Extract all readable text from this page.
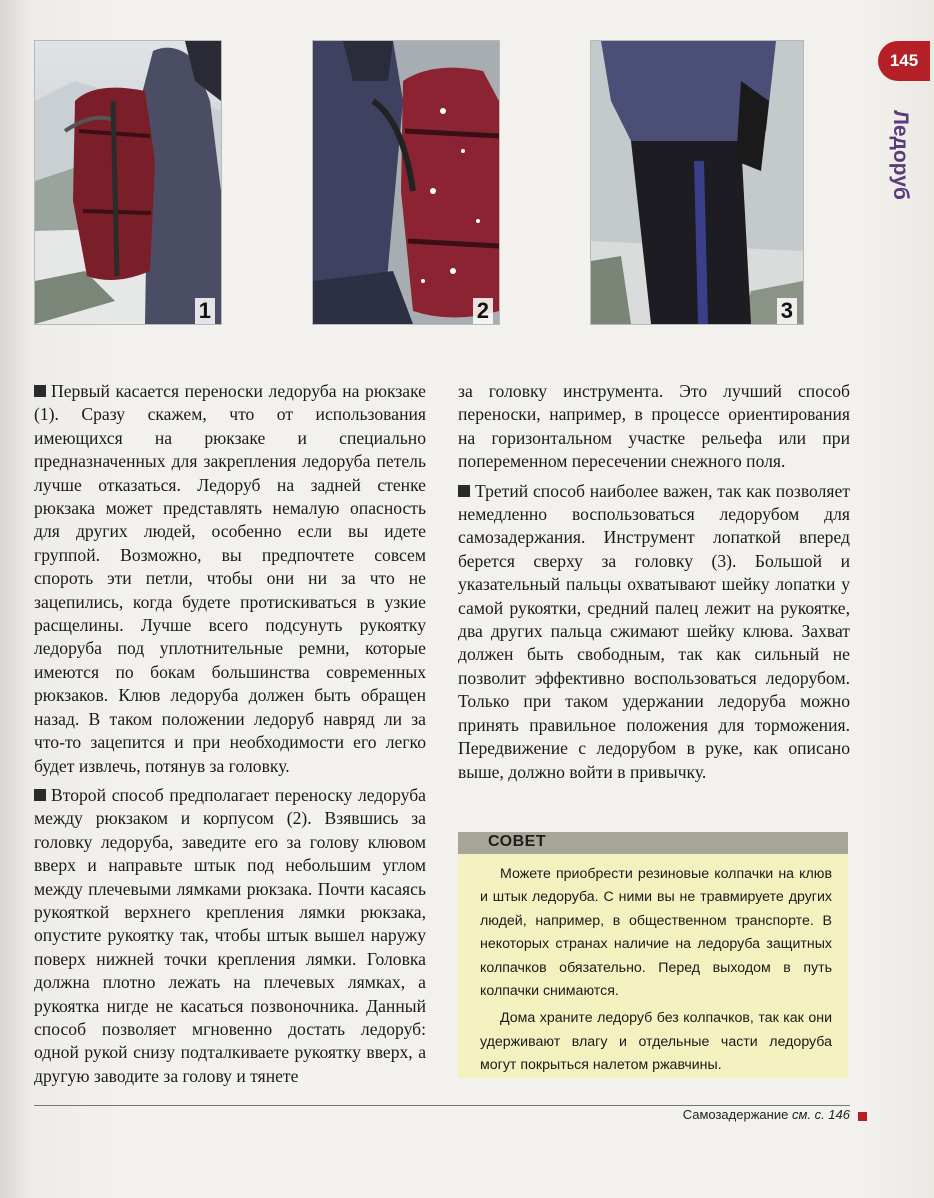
1	2	3
145
Ледоруб

Первый касается переноски ледоруба на рюкзаке (1). Сразу скажем, что от использования имеющихся на рюкзаке и специально предназначенных для закрепления ледоруба петель лучше отказаться. Ледоруб на задней стенке рюкзака может представлять немалую опасность для других людей, особенно если вы идете группой. Возможно, вы предпочтете совсем спороть эти петли, чтобы они ни за что не зацепились, когда будете протискиваться в узкие расщелины. Лучше всего подсунуть рукоятку ледоруба под уплотнительные ремни, которые имеются по бокам большинства современных рюкзаков. Клюв ледоруба должен быть обращен назад. В таком положении ледоруб навряд ли за что-то зацепится и при необходимости его легко будет извлечь, потянув за головку.

Второй способ предполагает переноску ледоруба между рюкзаком и корпусом (2). Взявшись за головку ледоруба, заведите его за голову клювом вверх и направьте штык под небольшим углом между плечевыми лямками рюкзака. Почти касаясь рукояткой верхнего крепления лямки рюкзака, опустите рукоятку так, чтобы штык вышел наружу поверх нижней точки крепления лямки. Головка должна плотно лежать на плечевых лямках, а рукоятка нигде не касаться позвоночника. Данный способ позволяет мгновенно достать ледоруб: одной рукой снизу подталкиваете рукоятку вверх, а другую заводите за голову и тянете

за головку инструмента. Это лучший способ переноски, например, в процессе ориентирования на горизонтальном участке рельефа или при попеременном пересечении снежного поля.

Третий способ наиболее важен, так как позволяет немедленно воспользоваться ледорубом для самозадержания. Инструмент лопаткой вперед берется сверху за головку (3). Большой и указательный пальцы охватывают шейку лопатки у самой рукоятки, средний палец лежит на рукоятке, два других пальца сжимают шейку клюва. Захват должен быть свободным, так как сильный не позволит эффективно воспользоваться ледорубом. Только при таком удержании ледоруба можно принять правильное положения для торможения. Передвижение с ледорубом в руке, как описано выше, должно войти в привычку.

СОВЕТ

Можете приобрести резиновые колпачки на клюв и штык ледоруба. С ними вы не травмируете других людей, например, в общественном транспорте. В некоторых странах наличие на ледоруба защитных колпачков обязательно. Перед выходом в путь колпачки снимаются.

Дома храните ледоруб без колпачков, так как они удерживают влагу и отдельные части ледоруба могут покрыться налетом ржавчины.

Самозадержание см. с. 146
